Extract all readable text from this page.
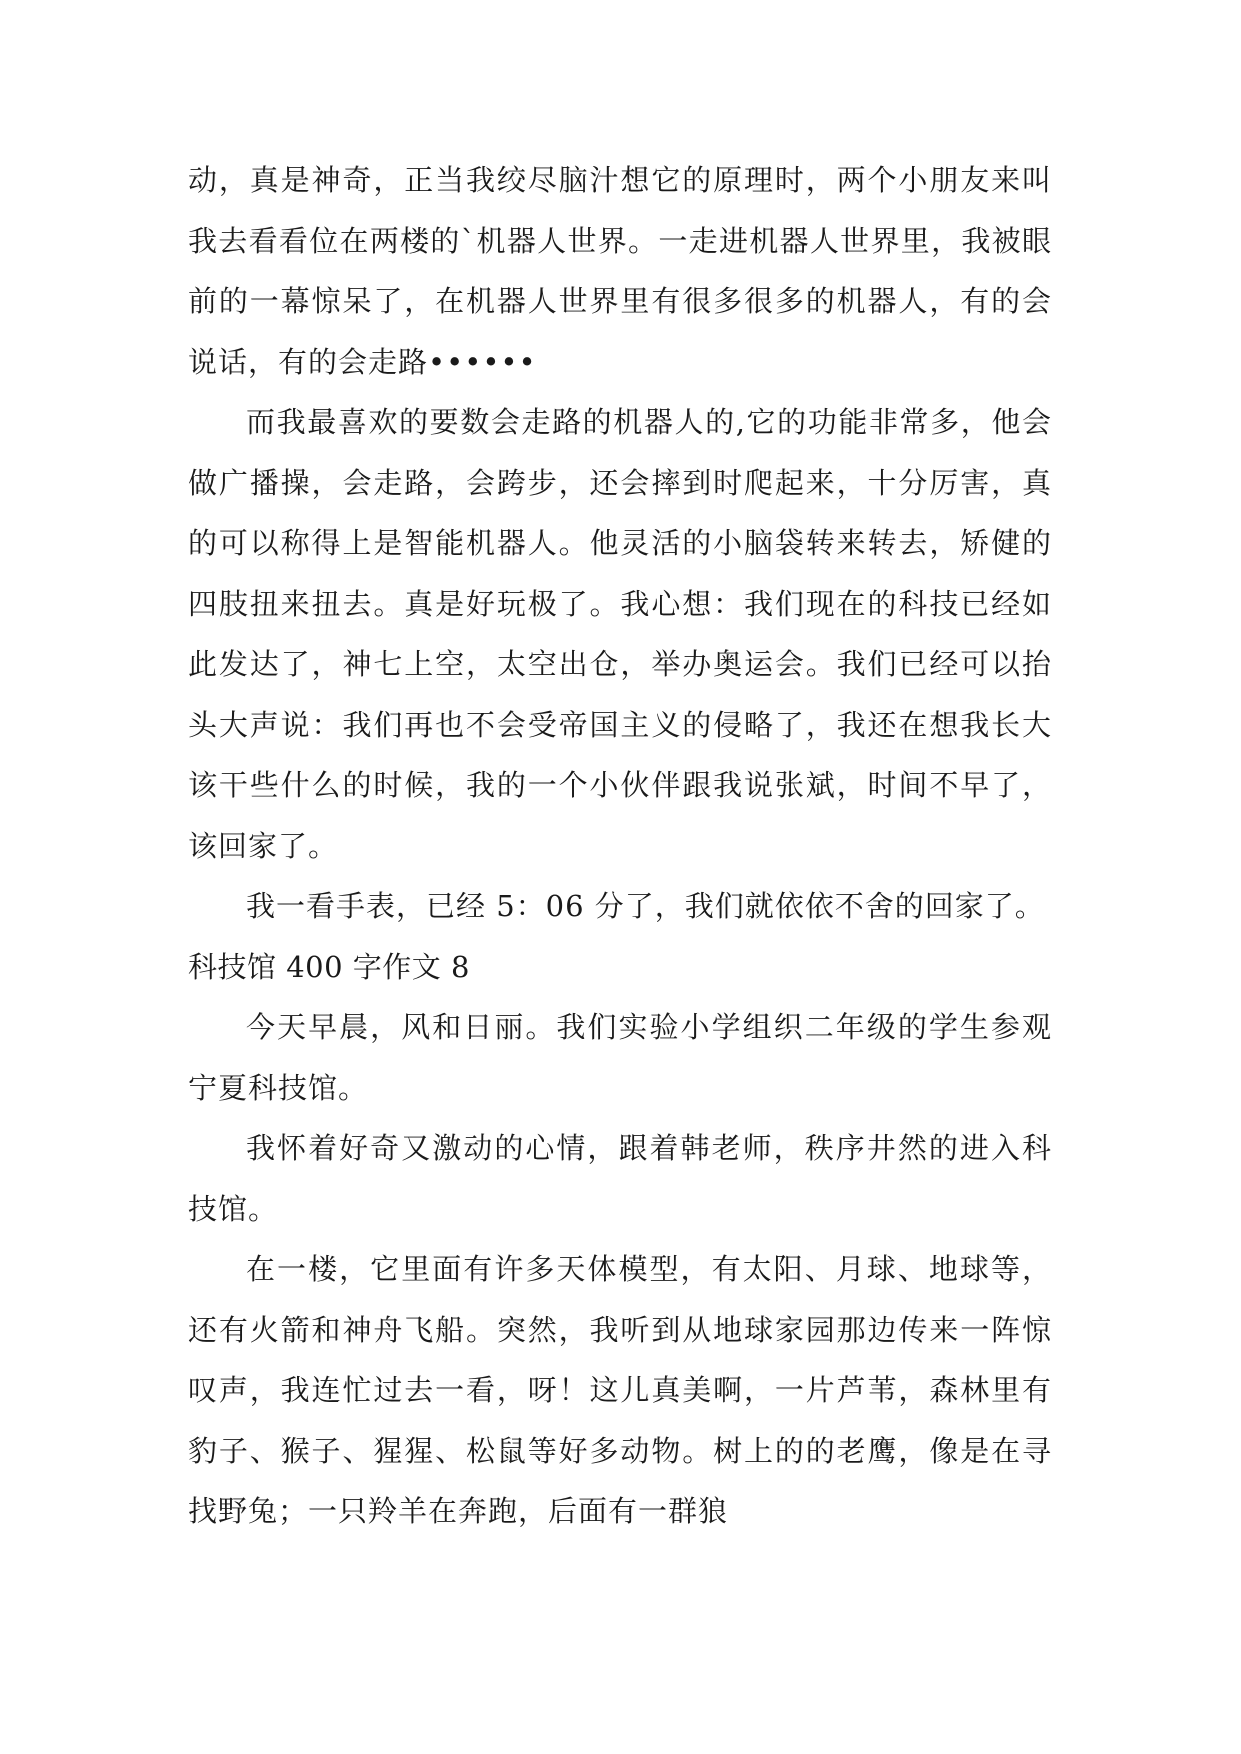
动，真是神奇，正当我绞尽脑汁想它的原理时，两个小朋友来叫我去看看位在两楼的`机器人世界。一走进机器人世界里，我被眼前的一幕惊呆了，在机器人世界里有很多很多的机器人，有的会说话，有的会走路••••••

而我最喜欢的要数会走路的机器人的,它的功能非常多，他会做广播操，会走路，会跨步，还会摔到时爬起来，十分厉害，真的可以称得上是智能机器人。他灵活的小脑袋转来转去，矫健的四肢扭来扭去。真是好玩极了。我心想：我们现在的科技已经如此发达了，神七上空，太空出仓，举办奥运会。我们已经可以抬头大声说：我们再也不会受帝国主义的侵略了，我还在想我长大该干些什么的时候，我的一个小伙伴跟我说张斌，时间不早了，该回家了。

我一看手表，已经 5：06 分了，我们就依依不舍的回家了。

科技馆 400 字作文 8

今天早晨，风和日丽。我们实验小学组织二年级的学生参观宁夏科技馆。

我怀着好奇又激动的心情，跟着韩老师，秩序井然的进入科技馆。

在一楼，它里面有许多天体模型，有太阳、月球、地球等，还有火箭和神舟飞船。突然，我听到从地球家园那边传来一阵惊叹声，我连忙过去一看，呀！这儿真美啊，一片芦苇，森林里有豹子、猴子、猩猩、松鼠等好多动物。树上的的老鹰，像是在寻找野兔；一只羚羊在奔跑，后面有一群狼
